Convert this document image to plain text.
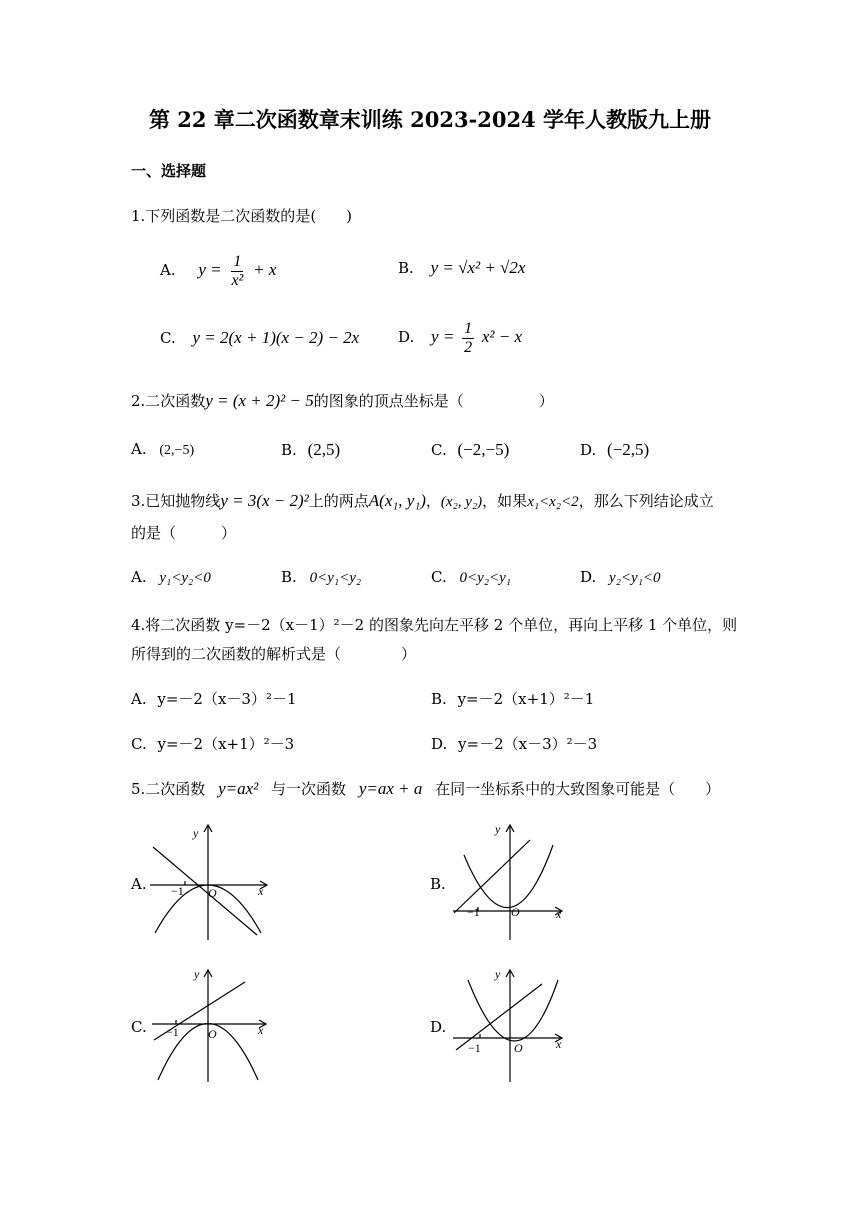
第 22 章二次函数章末训练 2023-2024 学年人教版九上册
一、选择题
1.下列函数是二次函数的是(　　)
A. $y = \frac{1}{\text{x²}} + x$	B. y = √x² + √2x
C. y = 2(x + 1)(x − 2) − 2x	D. $y = \frac{1}{2} x^2 - x$
2.二次函数y = (x + 2)² − 5的图象的顶点坐标是（　　　　　）
A. (2,−5)	B. (2,5)	C. (−2,−5)	D. (−2,5)
3.已知抛物线y = 3(x − 2)²上的两点A(x₁, y₁)，(x₂, y₂)，如果x₁<x₂<2，那么下列结论成立
的是（　　　）
A. y₁<y₂<0	B. 0<y₁<y₂	C. 0<y₂<y₁	D. y₂<y₁<0
4.将二次函数 y=－2（x－1）²－2 的图象先向左平移 2 个单位，再向上平移 1 个单位，则
所得到的二次函数的解析式是（　　　　）
A. y=－2（x－3）²－1	B. y=－2（x+1）²－1
C. y=－2（x+1）²－3	D. y=－2（x－3）²－3
5.二次函数 y=ax² 与一次函数 y=ax + a 在同一坐标系中的大致图象可能是（　　）
A.
y
x
O
−1	B.
y
x
O
−1
C.
y
x
O
−1	D.
y
x
O
−1
